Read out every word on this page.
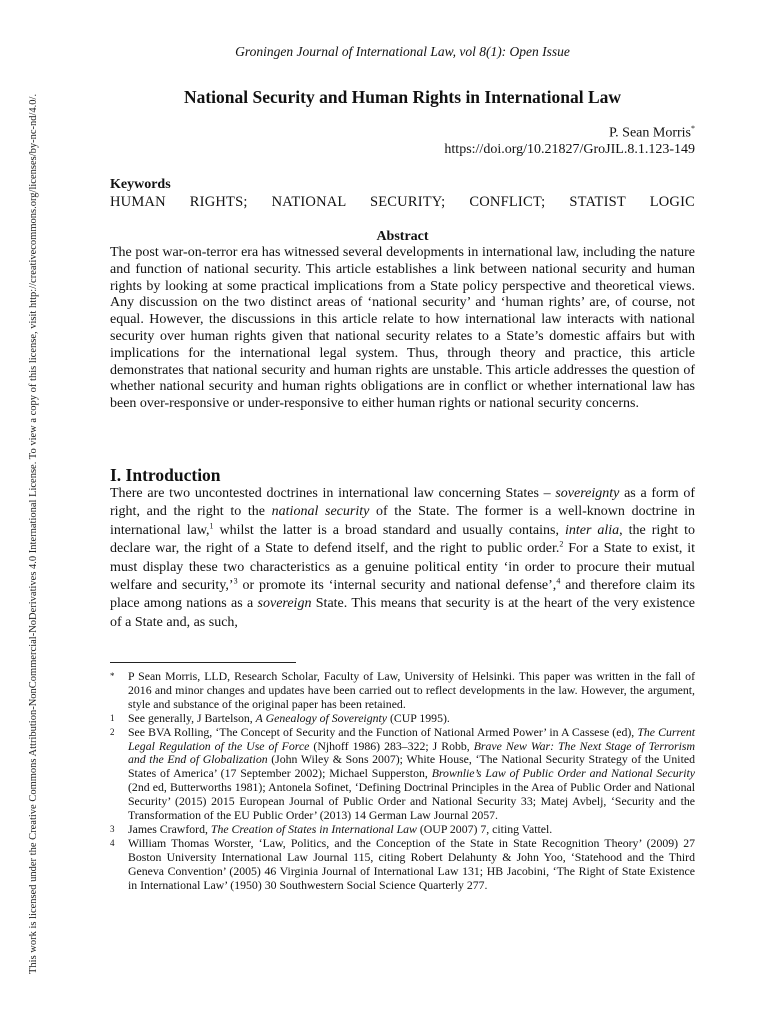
This work is licensed under the Creative Commons Attribution-NonCommercial-NoDerivatives 4.0 International License. To view a copy of this license, visit http://creativecommons.org/licenses/by-nc-nd/4.0/.
Groningen Journal of International Law, vol 8(1): Open Issue
National Security and Human Rights in International Law
P. Sean Morris*
https://doi.org/10.21827/GroJIL.8.1.123-149
Keywords
HUMAN RIGHTS; NATIONAL SECURITY; CONFLICT; STATIST LOGIC
Abstract

The post war-on-terror era has witnessed several developments in international law, including the nature and function of national security. This article establishes a link between national security and human rights by looking at some practical implications from a State policy perspective and theoretical views. Any discussion on the two distinct areas of ‘national security’ and ‘human rights’ are, of course, not equal. However, the discussions in this article relate to how international law interacts with national security over human rights given that national security relates to a State’s domestic affairs but with implications for the international legal system. Thus, through theory and practice, this article demonstrates that national security and human rights are unstable. This article addresses the question of whether national security and human rights obligations are in conflict or whether international law has been over-responsive or under-responsive to either human rights or national security concerns.

I. Introduction

There are two uncontested doctrines in international law concerning States – sovereignty as a form of right, and the right to the national security of the State. The former is a well-known doctrine in international law,$^1$ whilst the latter is a broad standard and usually contains, inter alia, the right to declare war, the right of a State to defend itself, and the right to public order.$^2$ For a State to exist, it must display these two characteristics as a genuine political entity ‘in order to procure their mutual welfare and security,’$^3$ or promote its ‘internal security and national defense’,$^4$ and therefore claim its place among nations as a sovereign State. This means that security is at the heart of the very existence of a State and, as such,

*	P Sean Morris, LLD, Research Scholar, Faculty of Law, University of Helsinki. This paper was written in the fall of 2016 and minor changes and updates have been carried out to reflect developments in the law. However, the argument, style and substance of the original paper has been retained.
1	See generally, J Bartelson, A Genealogy of Sovereignty (CUP 1995).
2	See BVA Rolling, ‘The Concept of Security and the Function of National Armed Power’ in A Cassese (ed), The Current Legal Regulation of the Use of Force (Njhoff 1986) 283–322; J Robb, Brave New War: The Next Stage of Terrorism and the End of Globalization (John Wiley & Sons 2007); White House, ‘The National Security Strategy of the United States of America’ (17 September 2002); Michael Supperston, Brownlie’s Law of Public Order and National Security (2nd ed, Butterworths 1981); Antonela Sofinet, ‘Defining Doctrinal Principles in the Area of Public Order and National Security’ (2015) 2015 European Journal of Public Order and National Security 33; Matej Avbelj, ‘Security and the Transformation of the EU Public Order’ (2013) 14 German Law Journal 2057.
3	James Crawford, The Creation of States in International Law (OUP 2007) 7, citing Vattel.
4	William Thomas Worster, ‘Law, Politics, and the Conception of the State in State Recognition Theory’ (2009) 27 Boston University International Law Journal 115, citing Robert Delahunty & John Yoo, ‘Statehood and the Third Geneva Convention’ (2005) 46 Virginia Journal of International Law 131; HB Jacobini, ‘The Right of State Existence in International Law’ (1950) 30 Southwestern Social Science Quarterly 277.
